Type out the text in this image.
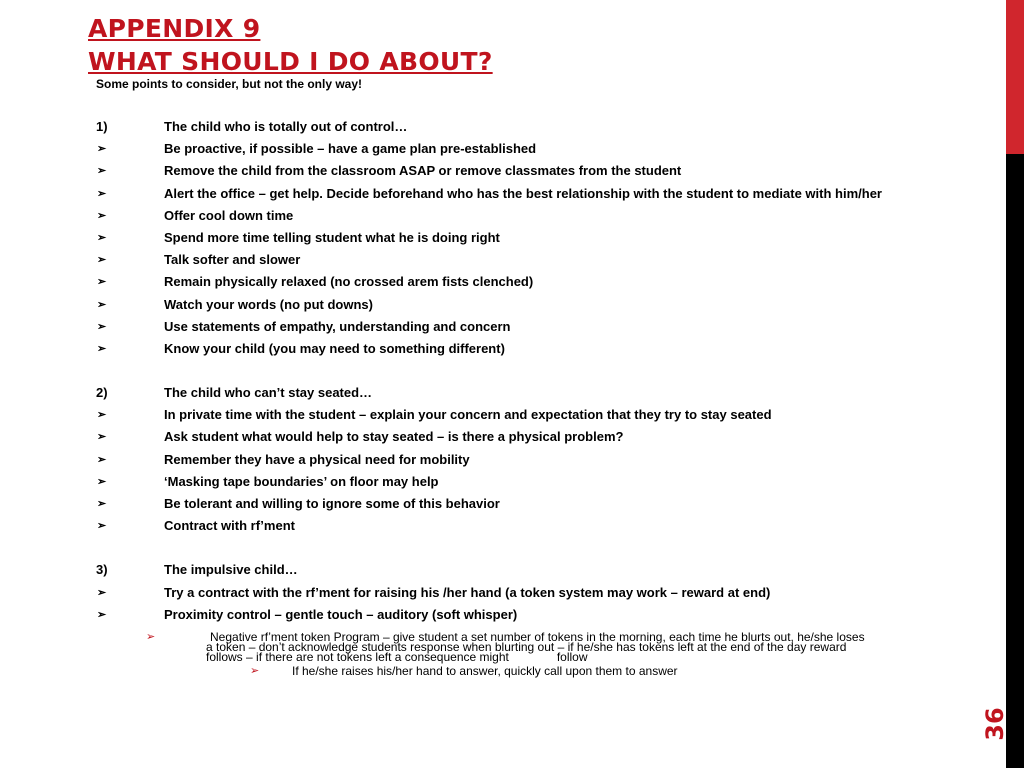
APPENDIX 9
WHAT SHOULD I DO ABOUT?
Some points to consider, but not the only way!
1)	The child who is totally out of control…
➢	Be proactive, if possible – have a game plan pre-established
➢	Remove the child from the classroom ASAP or remove classmates from the student
➢	Alert the office – get help. Decide beforehand who has the best relationship with the student to mediate with him/her
➢	Offer cool down time
➢	Spend more time telling student what he is doing right
➢	Talk softer and slower
➢	Remain physically relaxed (no crossed arem fists clenched)
➢	Watch your words (no put downs)
➢	Use statements of empathy, understanding and concern
➢	Know your child (you may need to something different)
2)	The child who can’t stay seated…
➢	In private time with the student – explain your concern and expectation that they try to stay seated
➢	Ask student what would help to stay seated – is there a physical problem?
➢	Remember they have a physical need for mobility
➢	‘Masking tape boundaries’ on floor may help
➢	Be tolerant and willing to ignore some of this behavior
➢	Contract with rf’ment
3)	The impulsive child…
➢	Try a contract with the rf’ment for raising his /her hand (a token system may work – reward at end)
➢	Proximity control – gentle touch – auditory (soft whisper)
➢	Negative rf’ment token Program – give student a set number of tokens in the morning, each time he blurts out, he/she loses
a token – don’t acknowledge students response when blurting out – if he/she has tokens left at the end of the day reward
follows – if there are not tokens left a consequence might	follow
➢	If he/she raises his/her hand to answer, quickly call upon them to answer
36
